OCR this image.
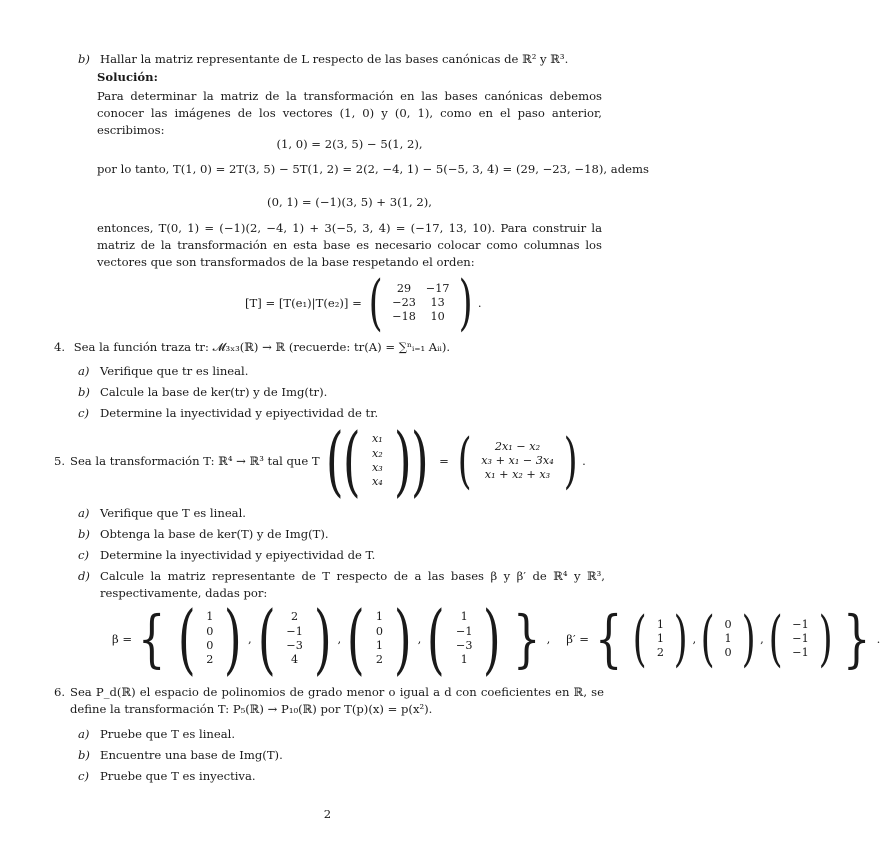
b) Hallar la matriz representante de L respecto de las bases canónicas de ℝ² y ℝ³.
Solución:
Para determinar la matriz de la transformación en las bases canónicas debemos conocer las imágenes de los vectores (1, 0) y (0, 1), como en el paso anterior, escribimos:
(1, 0) = 2(3, 5) − 5(1, 2),
por lo tanto, T(1, 0) = 2T(3, 5) − 5T(1, 2) = 2(2, −4, 1) − 5(−5, 3, 4) = (29, −23, −18), adems
(0, 1) = (−1)(3, 5) + 3(1, 2),
entonces, T(0, 1) = (−1)(2, −4, 1) + 3(−5, 3, 4) = (−17, 13, 10). Para construir la matriz de la transformación en esta base es necesario colocar como columnas los vectores que son transformados de la base respetando el orden:
[T] = [T(e₁)|T(e₂)] = ( 29	−17
−23	13
−18	10 ) .
4. Sea la función traza tr: 𝓜₃ₓ₃(ℝ) → ℝ (recuerde: tr(A) = ∑ⁿᵢ₌₁ Aᵢᵢ).
a) Verifique que tr es lineal.
b) Calcule la base de ker(tr) y de Img(tr).
c) Determine la inyectividad y epiyectividad de tr.
5. Sea la transformación T: ℝ⁴ → ℝ³ tal que T ( ( x₁
x₂
x₃
x₄ ) ) = ( 2x₁ − x₂
x₃ + x₁ − 3x₄
x₁ + x₂ + x₃ ) .
a) Verifique que T es lineal.
b) Obtenga la base de ker(T) y de Img(T).
c) Determine la inyectividad y epiyectividad de T.
d) Calcule la matriz representante de T respecto de a las bases β y β′ de ℝ⁴ y ℝ³, respectivamente, dadas por:
β = { ( 1
0
0
2 ) , ( 2
−1
−3
4 ) , ( 1
0
1
2 ) , ( 1
−1
−3
1 ) } , β′ = { ( 1
1
2 ) , ( 0
1
0 ) , ( −1
−1
−1 ) } .
6. Sea P_d(ℝ) el espacio de polinomios de grado menor o igual a d con coeficientes en ℝ, se define la transformación T: P₅(ℝ) → P₁₀(ℝ) por T(p)(x) = p(x²).
a) Pruebe que T es lineal.
b) Encuentre una base de Img(T).
c) Pruebe que T es inyectiva.
2
